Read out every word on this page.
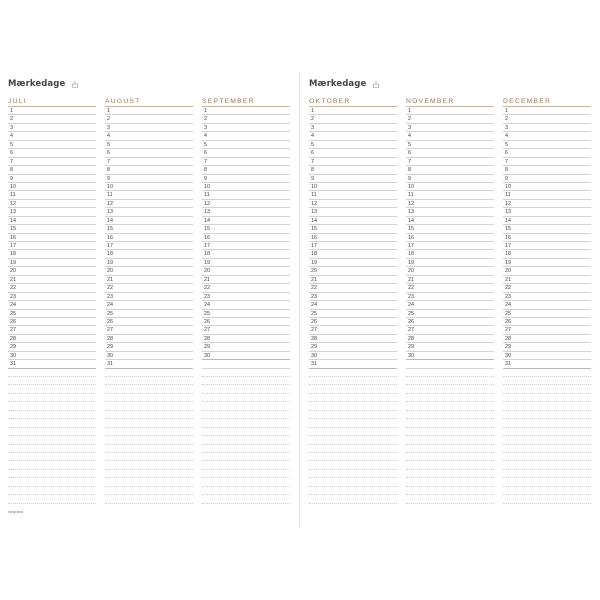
Mærkedage
JULI
1
2
3
4
5
6
7
8
9
10
11
12
13
14
15
16
17
18
19
20
21
22
23
24
25
26
27
28
29
30
31
AUGUST
1
2
3
4
5
6
7
8
9
10
11
12
13
14
15
16
17
18
19
20
21
22
23
24
25
26
27
28
29
30
31
SEPTEMBER
1
2
3
4
5
6
7
8
9
10
11
12
13
14
15
16
17
18
19
20
21
22
23
24
25
26
27
28
29
30
mayland
Mærkedage
OKTOBER
1
2
3
4
5
6
7
8
9
10
11
12
13
14
15
16
17
18
19
20
21
22
23
24
25
26
27
28
29
30
31
NOVEMBER
1
2
3
4
5
6
7
8
9
10
11
12
13
14
15
16
17
18
19
20
21
22
23
24
25
26
27
28
29
30
DECEMBER
1
2
3
4
5
6
7
8
9
10
11
12
13
14
15
16
17
18
19
20
21
22
23
24
25
26
27
28
29
30
31
